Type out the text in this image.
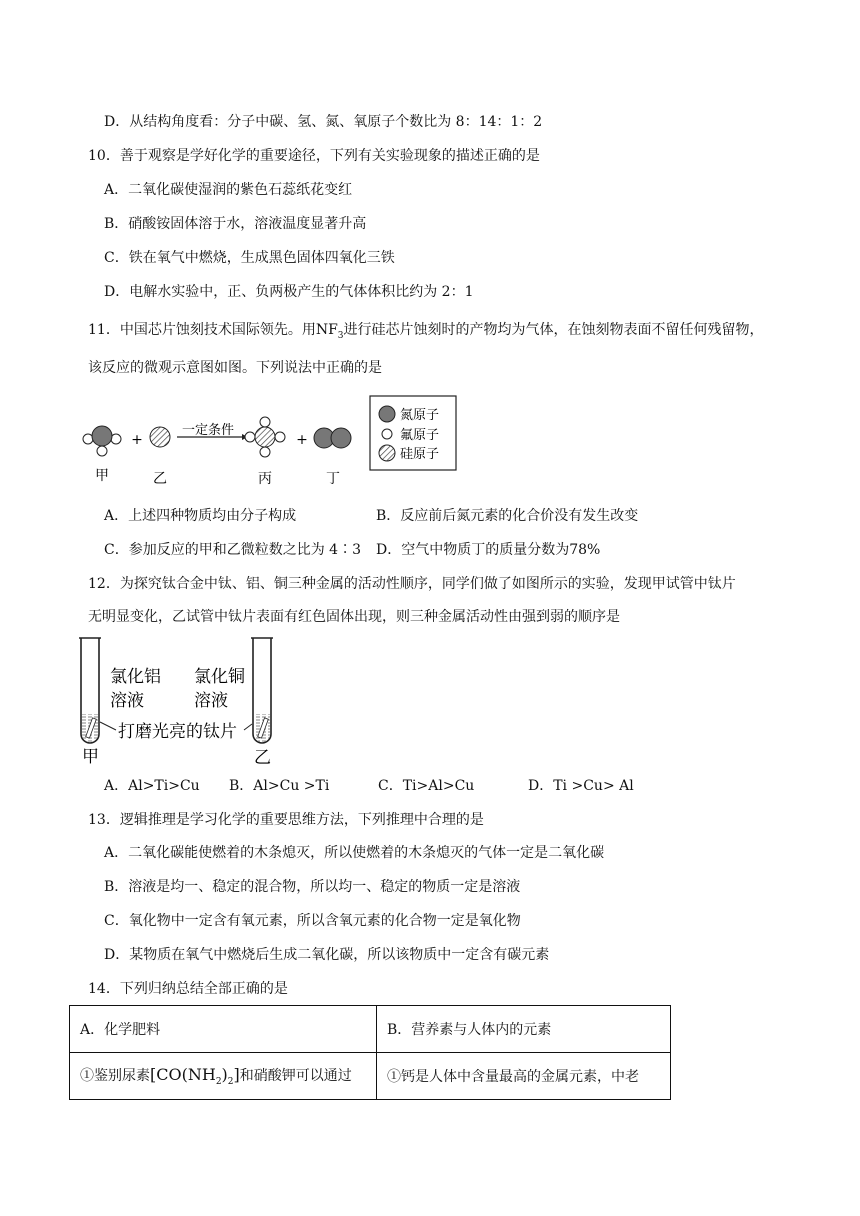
D．从结构角度看：分子中碳、氢、氮、氧原子个数比为 8：14：1：2
10．善于观察是学好化学的重要途径，下列有关实验现象的描述正确的是
A．二氧化碳使湿润的紫色石蕊纸花变红
B．硝酸铵固体溶于水，溶液温度显著升高
C．铁在氧气中燃烧，生成黑色固体四氧化三铁
D．电解水实验中，正、负两极产生的气体体积比约为 2：1
11．中国芯片蚀刻技术国际领先。用$NF_3$进行硅芯片蚀刻时的产物均为气体，在蚀刻物表面不留任何残留物，
该反应的微观示意图如图。下列说法中正确的是
+
一定条件
+
甲	乙	丙	丁
氮原子
氟原子
硅原子
A．上述四种物质均由分子构成	B．反应前后氮元素的化合价没有发生改变
C．参加反应的甲和乙微粒数之比为 4∶3 D．空气中物质丁的质量分数为78%
12．为探究钛合金中钛、铝、铜三种金属的活动性顺序，同学们做了如图所示的实验，发现甲试管中钛片
无明显变化，乙试管中钛片表面有红色固体出现，则三种金属活动性由强到弱的顺序是
氯化铝
溶液
氯化铜
溶液
打磨光亮的钛片
甲	乙
A．Al>Ti>Cu B．Al>Cu >Ti	C．Ti>Al>Cu	D．Ti >Cu> Al
13．逻辑推理是学习化学的重要思维方法，下列推理中合理的是
A．二氧化碳能使燃着的木条熄灭，所以使燃着的木条熄灭的气体一定是二氧化碳
B．溶液是均一、稳定的混合物，所以均一、稳定的物质一定是溶液
C．氧化物中一定含有氧元素，所以含氧元素的化合物一定是氧化物
D．某物质在氧气中燃烧后生成二氧化碳，所以该物质中一定含有碳元素
14．下列归纳总结全部正确的是
A．化学肥料	B．营养素与人体内的元素
①鉴别尿素$[CO(NH_2)_2]$和硝酸钾可以通过	①钙是人体中含量最高的金属元素，中老
